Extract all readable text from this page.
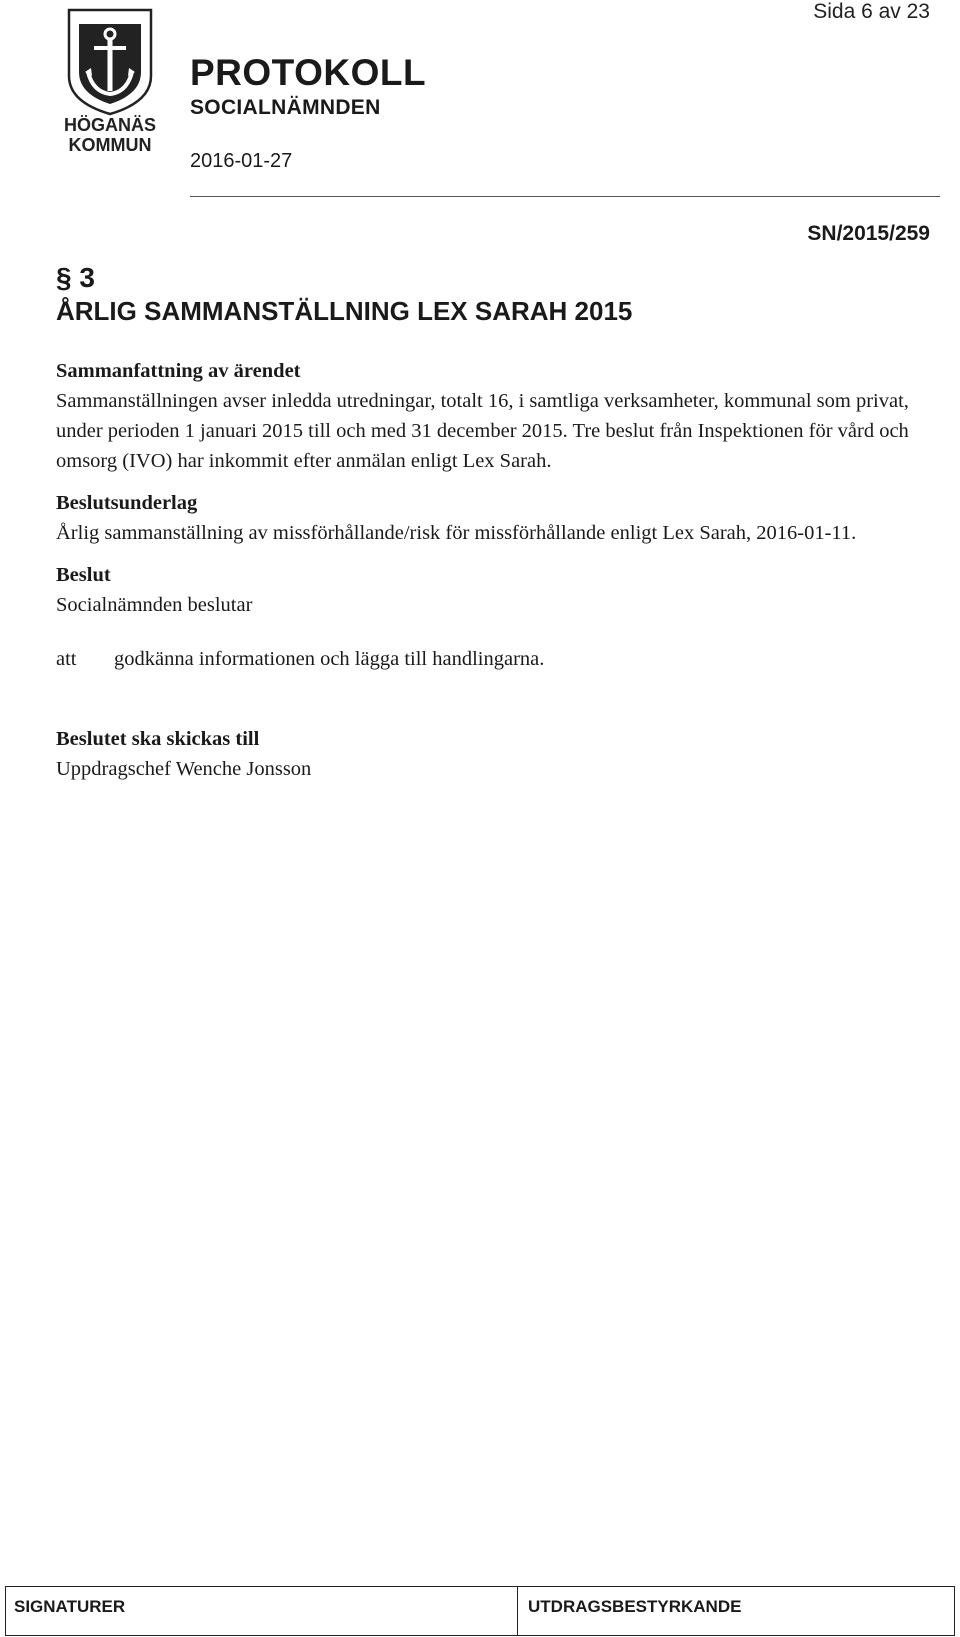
HÖGANÄS
KOMMUN
Sida 6 av 23
PROTOKOLL
SOCIALNÄMNDEN
2016-01-27
SN/2015/259
§ 3
ÅRLIG SAMMANSTÄLLNING LEX SARAH 2015
Sammanfattning av ärendet

Sammanställningen avser inledda utredningar, totalt 16, i samtliga verksamheter, kommunal som privat, under perioden 1 januari 2015 till och med 31 december 2015. Tre beslut från Inspektionen för vård och omsorg (IVO) har inkommit efter anmälan enligt Lex Sarah.

Beslutsunderlag

Årlig sammanställning av missförhållande/risk för missförhållande enligt Lex Sarah, 2016-01-11.

Beslut

Socialnämnden beslutar

att	godkänna informationen och lägga till handlingarna.
Beslutet ska skickas till

Uppdragschef Wenche Jonsson

SIGNATURER	UTDRAGSBESTYRKANDE
